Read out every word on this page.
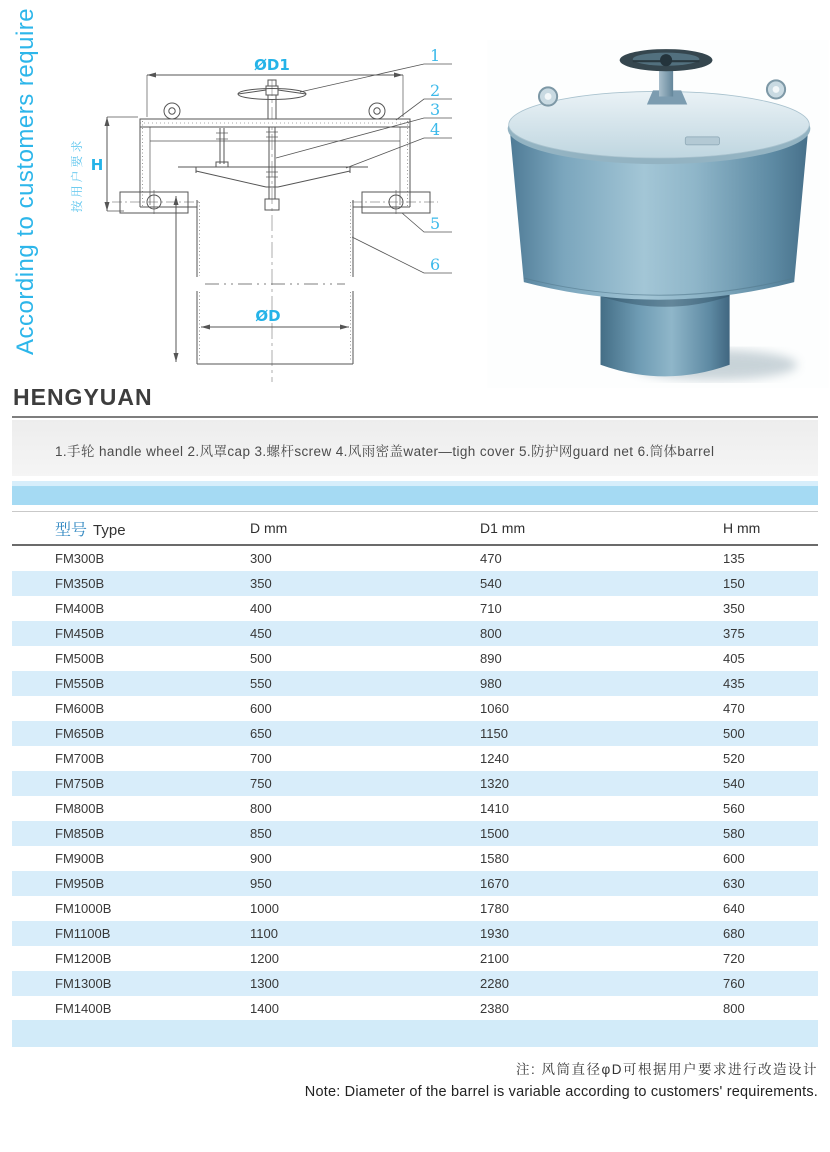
According to customers require	按用户要求
ØD1
ØD
H
1
2
3
4
5
6
HENGYUAN
1.手轮 handle wheel 2.风罩cap 3.螺杆screw 4.风雨密盖water—tigh cover 5.防护网guard net 6.筒体barrel
型号 Type	D mm	D1 mm	H mm
FM300B	300	470	135
FM350B	350	540	150
FM400B	400	710	350
FM450B	450	800	375
FM500B	500	890	405
FM550B	550	980	435
FM600B	600	1060	470
FM650B	650	1150	500
FM700B	700	1240	520
FM750B	750	1320	540
FM800B	800	1410	560
FM850B	850	1500	580
FM900B	900	1580	600
FM950B	950	1670	630
FM1000B	1000	1780	640
FM1100B	1100	1930	680
FM1200B	1200	2100	720
FM1300B	1300	2280	760
FM1400B	1400	2380	800
注: 风筒直径φD可根据用户要求进行改造设计
Note: Diameter of the barrel is variable according to customers' requirements.
